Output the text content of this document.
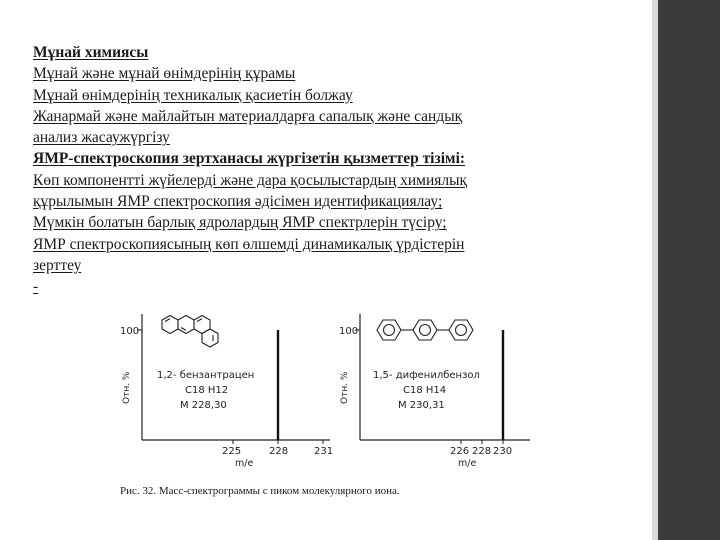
Мұнай химиясы

Мұнай және мұнай өнімдерінің құрамы

Мұнай өнімдерінің техникалық қасиетін болжау

Жанармай және майлайтын материалдарға сапалық және сандық

анализ жасаужүргізу

ЯМР-спектроскопия зертханасы жүргізетін қызметтер тізімі:

Көп компонентті жүйелерді және дара қосылыстардың химиялық

құрылымын ЯМР спектроскопия әдісімен идентификациялау;

Мүмкін болатын барлық ядролардың ЯМР спектрлерін түсіру;

ЯМР спектроскопиясының көп өлшемді динамикалық үрдістерін

зерттеу

-

100
Отн. %	1,2- бензантрацен
C18 H12
M 228,30
225	228	231
m/e
100
Отн. % 1,5- дифенилбензол
C18 H14
M 230,31
226 228 230
m/e
Рис. 32. Масс-спектрограммы с пиком молекулярного иона.
